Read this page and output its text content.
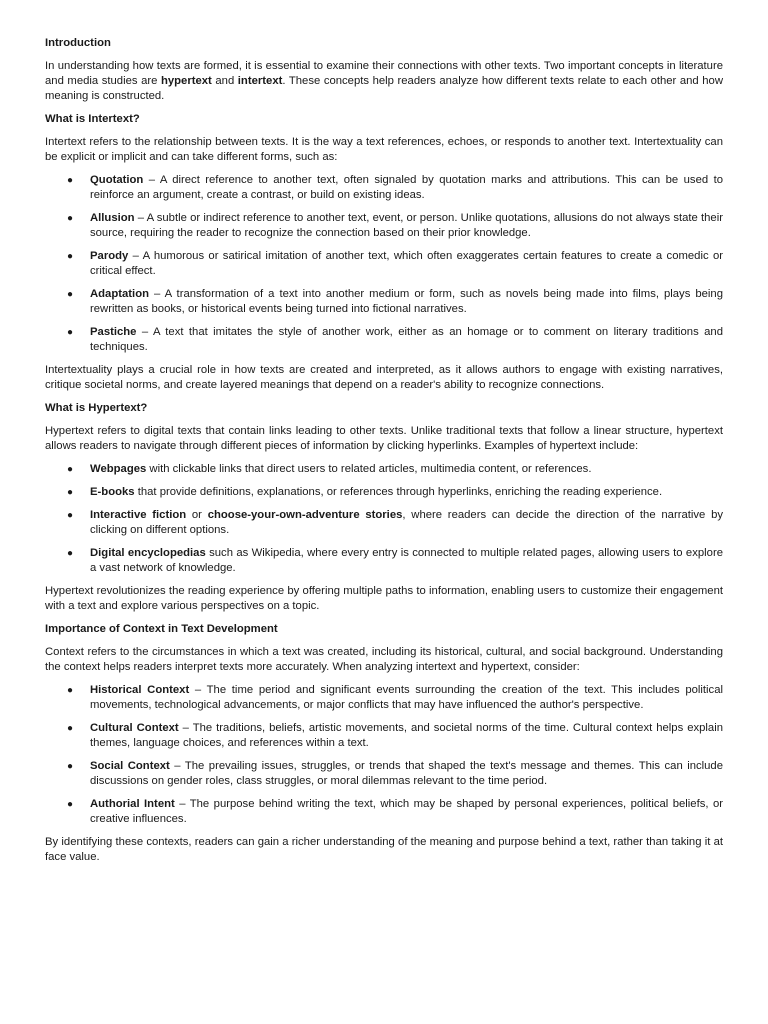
Introduction

In understanding how texts are formed, it is essential to examine their connections with other texts. Two important concepts in literature and media studies are hypertext and intertext. These concepts help readers analyze how different texts relate to each other and how meaning is constructed.

What is Intertext?

Intertext refers to the relationship between texts. It is the way a text references, echoes, or responds to another text. Intertextuality can be explicit or implicit and can take different forms, such as:

● Quotation – A direct reference to another text, often signaled by quotation marks and attributions. This can be used to reinforce an argument, create a contrast, or build on existing ideas.
● Allusion – A subtle or indirect reference to another text, event, or person. Unlike quotations, allusions do not always state their source, requiring the reader to recognize the connection based on their prior knowledge.
● Parody – A humorous or satirical imitation of another text, which often exaggerates certain features to create a comedic or critical effect.
● Adaptation – A transformation of a text into another medium or form, such as novels being made into films, plays being rewritten as books, or historical events being turned into fictional narratives.
● Pastiche – A text that imitates the style of another work, either as an homage or to comment on literary traditions and techniques.

Intertextuality plays a crucial role in how texts are created and interpreted, as it allows authors to engage with existing narratives, critique societal norms, and create layered meanings that depend on a reader's ability to recognize connections.

What is Hypertext?

Hypertext refers to digital texts that contain links leading to other texts. Unlike traditional texts that follow a linear structure, hypertext allows readers to navigate through different pieces of information by clicking hyperlinks. Examples of hypertext include:

● Webpages with clickable links that direct users to related articles, multimedia content, or references.
● E-books that provide definitions, explanations, or references through hyperlinks, enriching the reading experience.
● Interactive fiction or choose-your-own-adventure stories, where readers can decide the direction of the narrative by clicking on different options.
● Digital encyclopedias such as Wikipedia, where every entry is connected to multiple related pages, allowing users to explore a vast network of knowledge.

Hypertext revolutionizes the reading experience by offering multiple paths to information, enabling users to customize their engagement with a text and explore various perspectives on a topic.

Importance of Context in Text Development

Context refers to the circumstances in which a text was created, including its historical, cultural, and social background. Understanding the context helps readers interpret texts more accurately. When analyzing intertext and hypertext, consider:

● Historical Context – The time period and significant events surrounding the creation of the text. This includes political movements, technological advancements, or major conflicts that may have influenced the author's perspective.
● Cultural Context – The traditions, beliefs, artistic movements, and societal norms of the time. Cultural context helps explain themes, language choices, and references within a text.
● Social Context – The prevailing issues, struggles, or trends that shaped the text's message and themes. This can include discussions on gender roles, class struggles, or moral dilemmas relevant to the time period.
● Authorial Intent – The purpose behind writing the text, which may be shaped by personal experiences, political beliefs, or creative influences.

By identifying these contexts, readers can gain a richer understanding of the meaning and purpose behind a text, rather than taking it at face value.
